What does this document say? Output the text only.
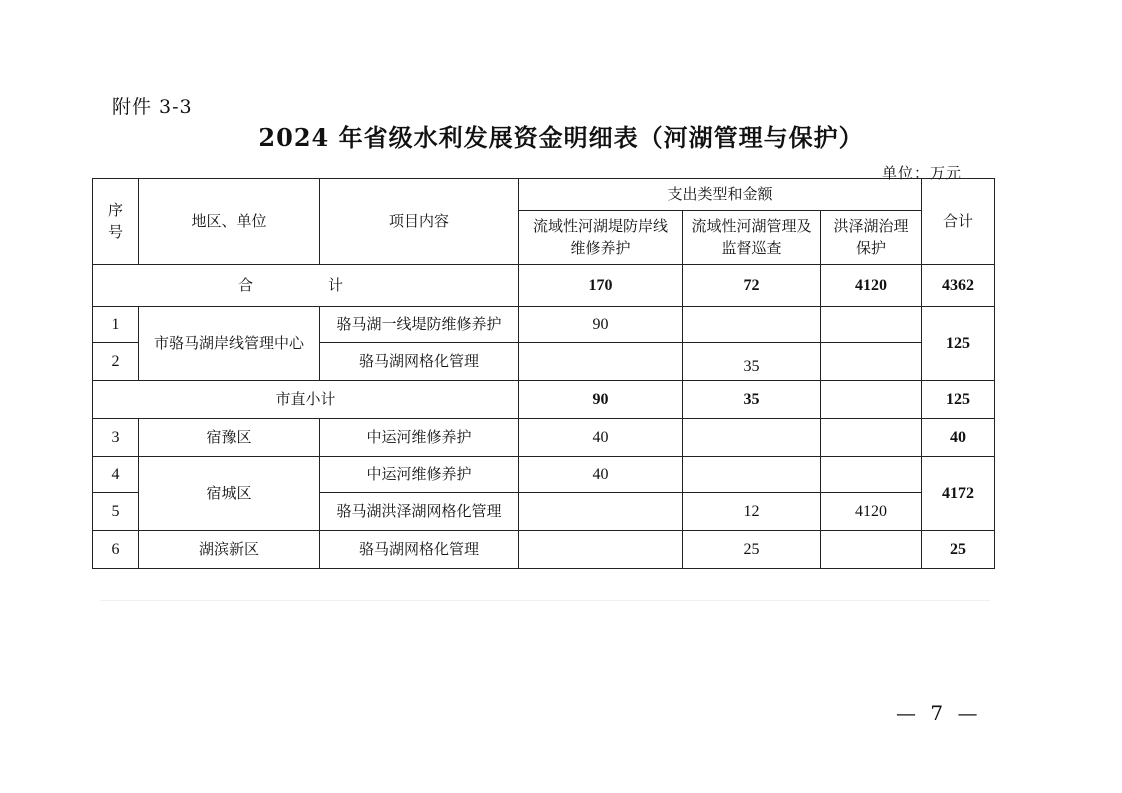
附件 3-3
2024 年省级水利发展资金明细表（河湖管理与保护）
单位：万元
序
号	地区、单位	项目内容	支出类型和金额			合计
			流域性河湖堤防岸线维修养护	流域性河湖管理及监督巡查	洪泽湖治理保护	
合　计			170	72	4120	4362
1	市骆马湖岸线管理中心	骆马湖一线堤防维修养护	90			125
2		骆马湖网格化管理		35		
市直小计			90	35		125
3	宿豫区	中运河维修养护	40			40
4	宿城区	中运河维修养护	40			4172
5		骆马湖洪泽湖网格化管理		12	4120	
6	湖滨新区	骆马湖网格化管理		25		25
— 7 —
